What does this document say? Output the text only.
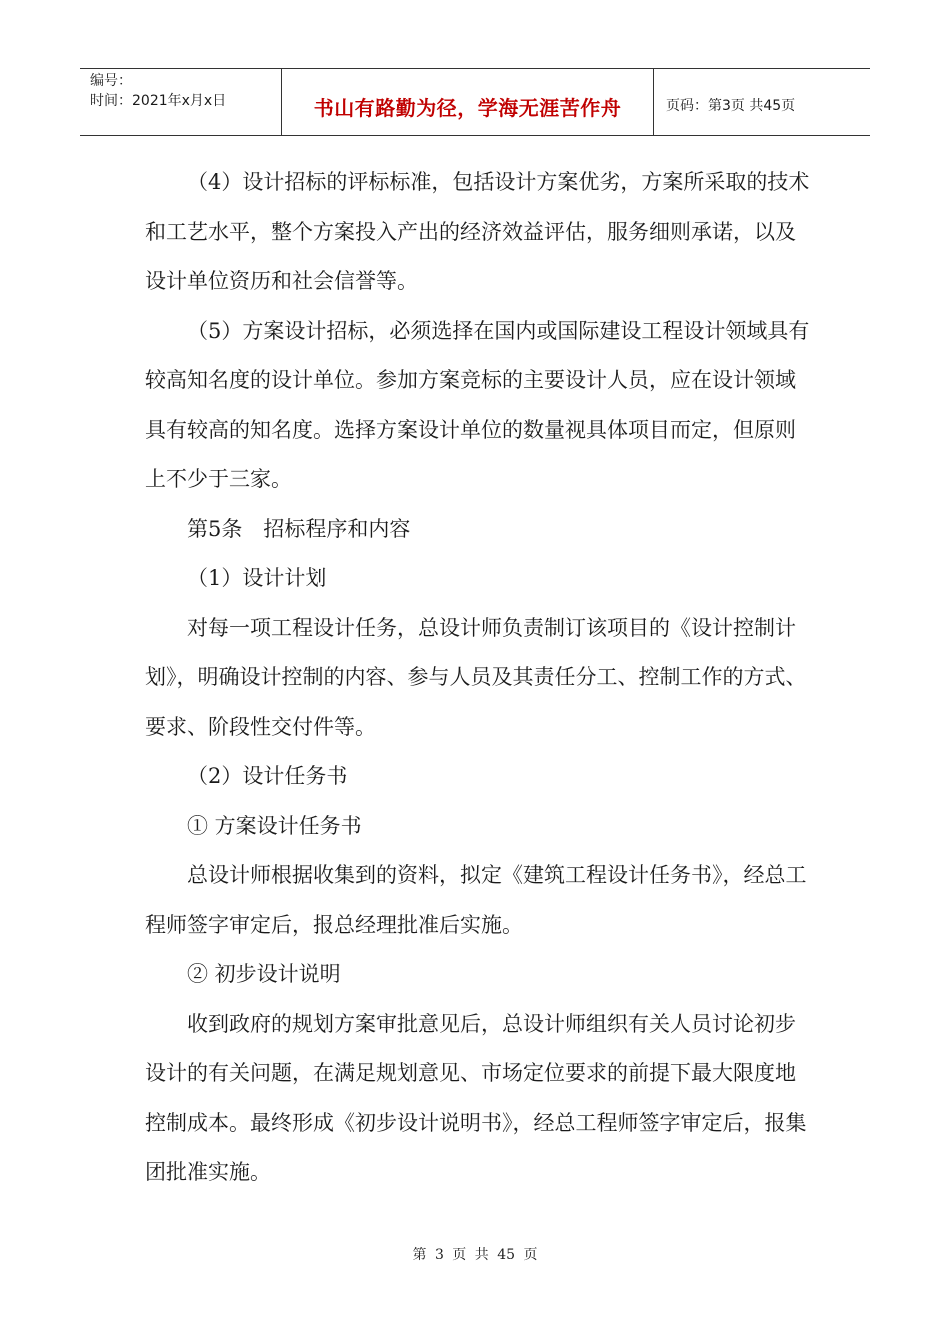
编号：
时间：2021年x月x日	书山有路勤为径，学海无涯苦作舟	页码：第3页 共45页

（4）设计招标的评标标准，包括设计方案优劣，方案所采取的技术和工艺水平，整个方案投入产出的经济效益评估，服务细则承诺，以及设计单位资历和社会信誉等。

（5）方案设计招标，必须选择在国内或国际建设工程设计领域具有较高知名度的设计单位。参加方案竞标的主要设计人员，应在设计领域具有较高的知名度。选择方案设计单位的数量视具体项目而定，但原则上不少于三家。

第5条　招标程序和内容

（1）设计计划

对每一项工程设计任务，总设计师负责制订该项目的《设计控制计划》，明确设计控制的内容、参与人员及其责任分工、控制工作的方式、要求、阶段性交付件等。

（2）设计任务书

① 方案设计任务书

总设计师根据收集到的资料，拟定《建筑工程设计任务书》，经总工程师签字审定后，报总经理批准后实施。

② 初步设计说明

收到政府的规划方案审批意见后，总设计师组织有关人员讨论初步设计的有关问题，在满足规划意见、市场定位要求的前提下最大限度地控制成本。最终形成《初步设计说明书》，经总工程师签字审定后，报集团批准实施。

第 3 页 共 45 页
